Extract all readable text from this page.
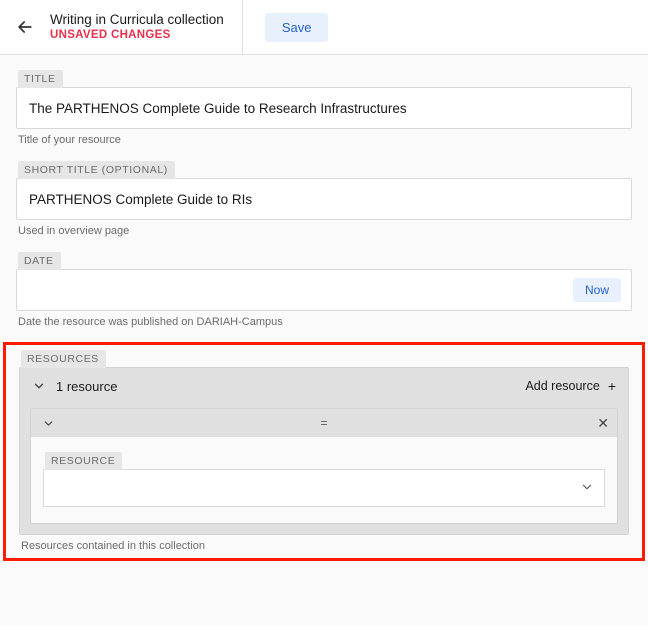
Writing in Curricula collection
UNSAVED CHANGES
Save
TITLE
The PARTHENOS Complete Guide to Research Infrastructures
Title of your resource
SHORT TITLE (OPTIONAL)
PARTHENOS Complete Guide to RIs
Used in overview page
DATE
Now
Date the resource was published on DARIAH-Campus
RESOURCES
1 resource	Add resource +
=	✕
RESOURCE
Resources contained in this collection
